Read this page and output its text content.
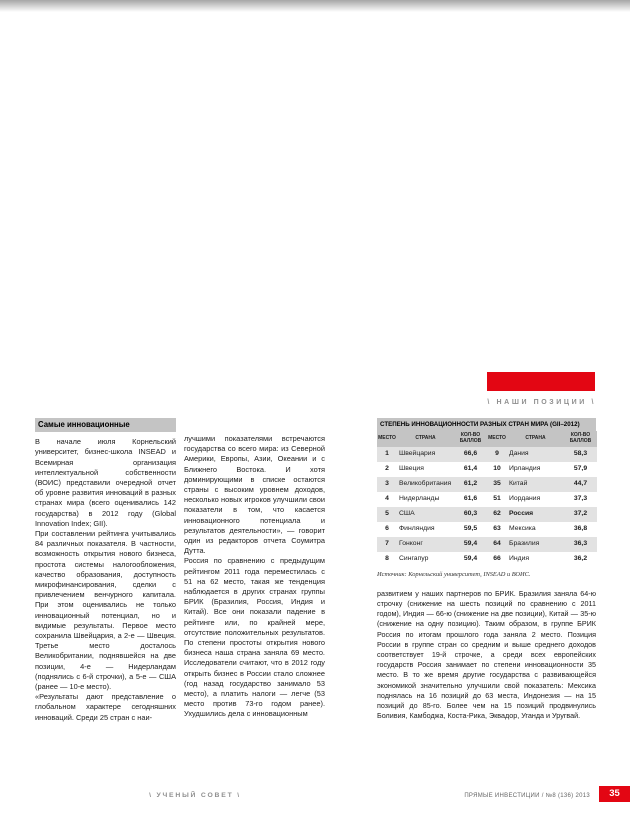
\ НАШИ ПОЗИЦИИ \
Самые инновационные

В начале июля Корнельский университет, бизнес-школа INSEAD и Всемирная организация интеллектуальной собственности (ВОИС) представили очередной отчет об уровне развития инноваций в разных странах мира (всего оценивались 142 государства) в 2012 году (Global Innovation Index; GII).

При составлении рейтинга учитывались 84 различных показателя. В частности, возможность открытия нового бизнеса, простота системы налогообложения, качество образования, доступность микрофинансирования, сделки с привлечением венчурного капитала. При этом оценивались не только инновационный потенциал, но и видимые результаты. Первое место сохранила Швейцария, а 2-е — Швеция. Третье место досталось Великобритании, поднявшейся на две позиции, 4-е — Нидерландам (поднялись с 6-й строчки), а 5-е — США (ранее — 10-е место).

«Результаты дают представление о глобальном характере сегодняшних инноваций. Среди 25 стран с наи-

лучшими показателями встречаются государства со всего мира: из Северной Америки, Европы, Азии, Океании и с Ближнего Востока. И хотя доминирующими в списке остаются страны с высоким уровнем доходов, несколько новых игроков улучшили свои показатели в том, что касается инновационного потенциала и результатов деятельности», — говорит один из редакторов отчета Соумитра Дутта.

Россия по сравнению с предыдущим рейтингом 2011 года переместилась с 51 на 62 место, такая же тенденция наблюдается в других странах группы БРИК (Бразилия, Россия, Индия и Китай). Все они показали падение в рейтинге или, по крайней мере, отсутствие положительных результатов. По степени простоты открытия нового бизнеса наша страна заняла 69 место. Исследователи считают, что в 2012 году открыть бизнес в России стало сложнее (год назад государство занимало 53 место), а платить налоги — легче (53 место против 73-го годом ранее). Ухудшились дела с инновационным

СТЕПЕНЬ ИННОВАЦИОННОСТИ РАЗНЫХ СТРАН МИРА (GII–2012)
МЕСТО	СТРАНА	КОЛ-ВО БАЛЛОВ	МЕСТО	СТРАНА	КОЛ-ВО БАЛЛОВ
1	Швейцария	66,6	9	Дания	58,3
2	Швеция	61,4	10	Ирландия	57,9
3	Великобритания	61,2	35	Китай	44,7
4	Нидерланды	61,6	51	Иордания	37,3
5	США	60,3	62	Россия	37,2
6	Финляндия	59,5	63	Мексика	36,8
7	Гонконг	59,4	64	Бразилия	36,3
8	Сингапур	59,4	66	Индия	36,2
Источник: Корнельский университет, INSEAD и ВОИС.

развитием у наших партнеров по БРИК. Бразилия заняла 64-ю строчку (снижение на шесть позиций по сравнению с 2011 годом), Индия — 66-ю (снижение на две позиции), Китай — 35-ю (снижение на одну позицию). Таким образом, в группе БРИК Россия по итогам прошлого года заняла 2 место. Позиция России в группе стран со средним и выше среднего доходов соответствует 19-й строчке, а среди всех европейских государств Россия занимает по степени инновационности 35 место. В то же время другие государства с развивающейся экономикой значительно улучшили свой показатель: Мексика поднялась на 16 позиций до 63 места, Индонезия — на 15 позиций до 85-го. Более чем на 15 позиций продвинулись Боливия, Камбоджа, Коста-Рика, Эквадор, Уганда и Уругвай.

\ УЧЕНЫЙ СОВЕТ \	ПРЯМЫЕ ИНВЕСТИЦИИ / №8 (136) 2013	35
